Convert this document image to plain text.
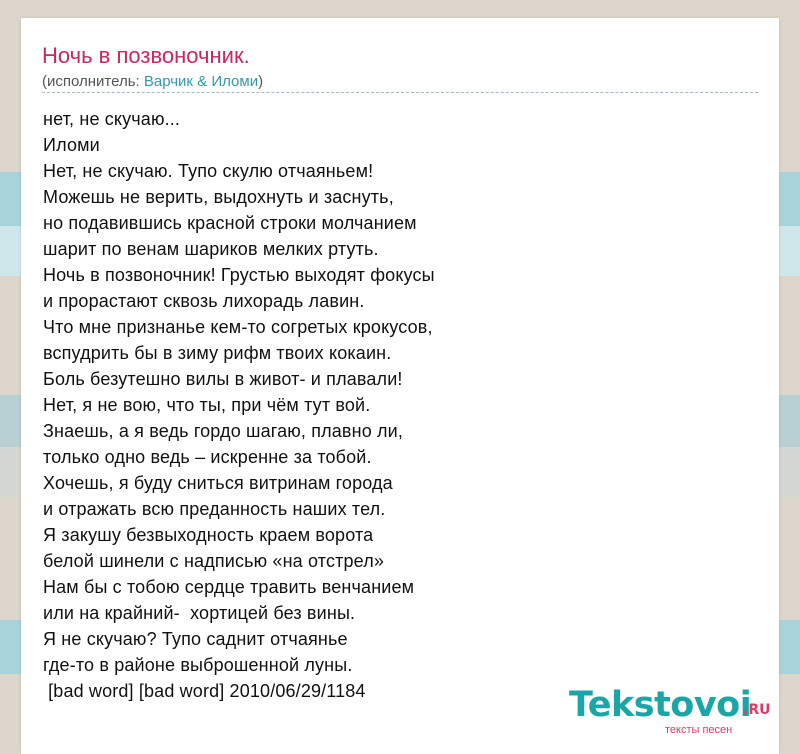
Ночь в позвоночник.
(исполнитель: Варчик & Иломи)
нет, не скучаю...
Иломи
Нет, не скучаю. Тупо скулю отчаяньем!
Можешь не верить, выдохнуть и заснуть,
но подавившись красной строки молчанием
шарит по венам шариков мелких ртуть.
Ночь в позвоночник! Грустью выходят фокусы
и прорастают сквозь лихорадь лавин.
Что мне признанье кем-то согретых крокусов,
вспудрить бы в зиму рифм твоих кокаин.
Боль безутешно вилы в живот- и плавали!
Нет, я не вою, что ты, при чём тут вой.
Знаешь, а я ведь гордо шагаю, плавно ли,
только одно ведь – искренне за тобой.
Хочешь, я буду сниться витринам города
и отражать всю преданность наших тел.
Я закушу безвыходность краем ворота
белой шинели с надписью «на отстрел»
Нам бы с тобою сердце травить венчанием
или на крайний-  хортицей без вины.
Я не скучаю? Тупо саднит отчаянье
где-то в районе выброшенной луны.
[bad word] [bad word] 2010/06/29/1184	Tekstovoi
.RU
тексты песен
